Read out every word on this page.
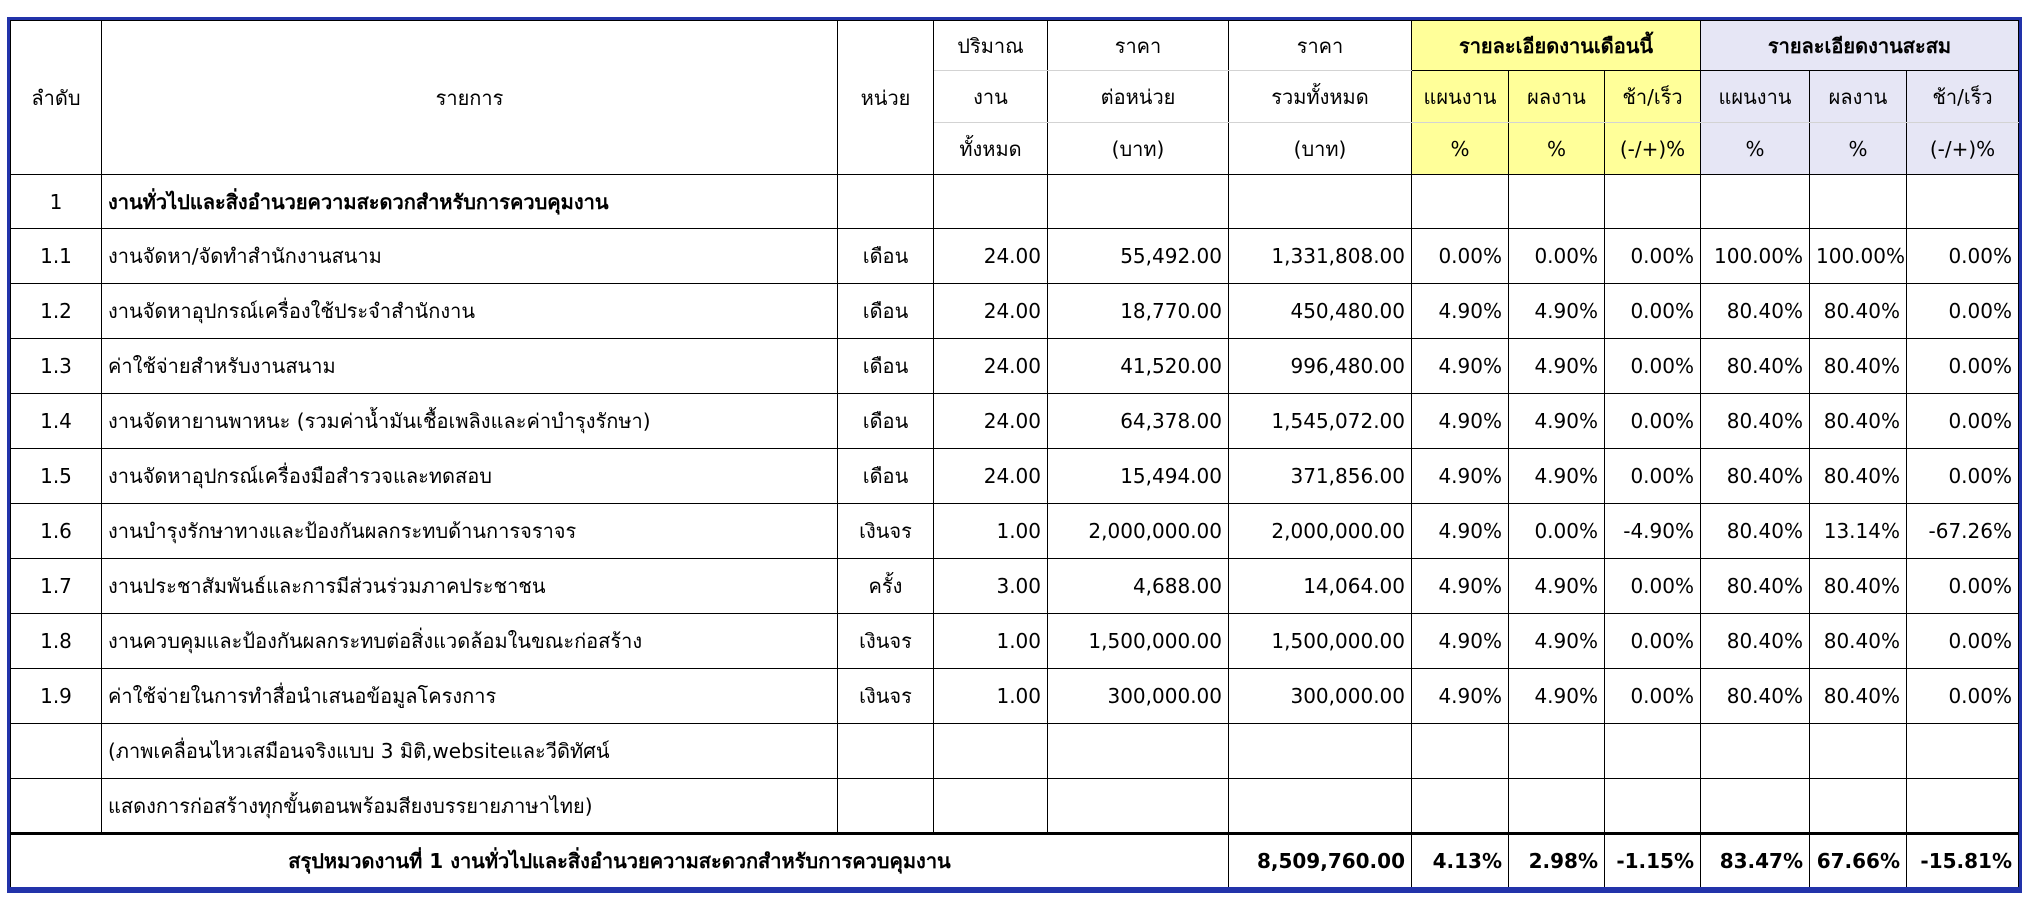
ลำดับ	รายการ	หน่วย	ปริมาณ	ราคา	ราคา	รายละเอียดงานเดือนนี้			รายละเอียดงานสะสม		
			งาน	ต่อหน่วย	รวมทั้งหมด	แผนงาน	ผลงาน	ช้า/เร็ว	แผนงาน	ผลงาน	ช้า/เร็ว
			ทั้งหมด	(บาท)	(บาท)	%	%	(-/+)%	%	%	(-/+)%
1	งานทั่วไปและสิ่งอำนวยความสะดวกสำหรับการควบคุมงาน										
1.1	งานจัดหา/จัดทำสำนักงานสนาม	เดือน	24.00	55,492.00	1,331,808.00	0.00%	0.00%	0.00%	100.00%	100.00%	0.00%
1.2	งานจัดหาอุปกรณ์เครื่องใช้ประจำสำนักงาน	เดือน	24.00	18,770.00	450,480.00	4.90%	4.90%	0.00%	80.40%	80.40%	0.00%
1.3	ค่าใช้จ่ายสำหรับงานสนาม	เดือน	24.00	41,520.00	996,480.00	4.90%	4.90%	0.00%	80.40%	80.40%	0.00%
1.4	งานจัดหายานพาหนะ (รวมค่าน้ำมันเชื้อเพลิงและค่าบำรุงรักษา)	เดือน	24.00	64,378.00	1,545,072.00	4.90%	4.90%	0.00%	80.40%	80.40%	0.00%
1.5	งานจัดหาอุปกรณ์เครื่องมือสำรวจและทดสอบ	เดือน	24.00	15,494.00	371,856.00	4.90%	4.90%	0.00%	80.40%	80.40%	0.00%
1.6	งานบำรุงรักษาทางและป้องกันผลกระทบด้านการจราจร	เงินจร	1.00	2,000,000.00	2,000,000.00	4.90%	0.00%	-4.90%	80.40%	13.14%	-67.26%
1.7	งานประชาสัมพันธ์และการมีส่วนร่วมภาคประชาชน	ครั้ง	3.00	4,688.00	14,064.00	4.90%	4.90%	0.00%	80.40%	80.40%	0.00%
1.8	งานควบคุมและป้องกันผลกระทบต่อสิ่งแวดล้อมในขณะก่อสร้าง	เงินจร	1.00	1,500,000.00	1,500,000.00	4.90%	4.90%	0.00%	80.40%	80.40%	0.00%
1.9	ค่าใช้จ่ายในการทำสื่อนำเสนอข้อมูลโครงการ	เงินจร	1.00	300,000.00	300,000.00	4.90%	4.90%	0.00%	80.40%	80.40%	0.00%
	(ภาพเคลื่อนไหวเสมือนจริงแบบ 3 มิติ,websiteและวีดิทัศน์										
	แสดงการก่อสร้างทุกขั้นตอนพร้อมสียงบรรยายภาษาไทย)										
สรุปหมวดงานที่ 1 งานทั่วไปและสิ่งอำนวยความสะดวกสำหรับการควบคุมงาน					8,509,760.00	4.13%	2.98%	-1.15%	83.47%	67.66%	-15.81%
